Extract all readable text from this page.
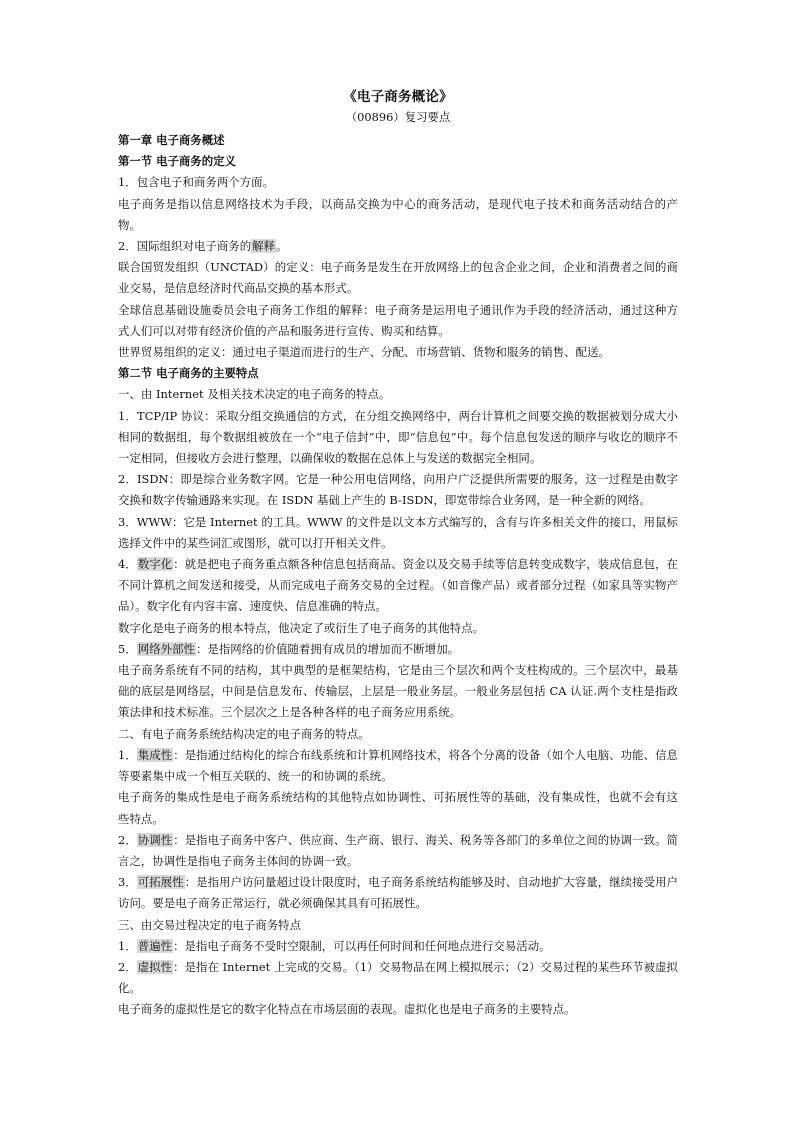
《电子商务概论》
（00896）复习要点
第一章 电子商务概述
第一节 电子商务的定义
1．包含电子和商务两个方面。
电子商务是指以信息网络技术为手段，以商品交换为中心的商务活动，是现代电子技术和商务活动结合的产物。
2．国际组织对电子商务的解释。
联合国贸发组织（UNCTAD）的定义：电子商务是发生在开放网络上的包含企业之间，企业和消费者之间的商业交易，是信息经济时代商品交换的基本形式。
全球信息基础设施委员会电子商务工作组的解释：电子商务是运用电子通讯作为手段的经济活动，通过这种方式人们可以对带有经济价值的产品和服务进行宣传、购买和结算。
世界贸易组织的定义：通过电子渠道而进行的生产、分配、市场营销、货物和服务的销售、配送。
第二节 电子商务的主要特点
一、由 Internet 及相关技术决定的电子商务的特点。
1．TCP/IP 协议：采取分组交换通信的方式，在分组交换网络中，两台计算机之间要交换的数据被划分成大小相同的数据组，每个数据组被放在一个“电子信封”中，即“信息包”中。每个信息包发送的顺序与收讫的顺序不一定相同，但接收方会进行整理，以确保收的数据在总体上与发送的数据完全相同。
2．ISDN：即是综合业务数字网。它是一种公用电信网络，向用户广泛提供所需要的服务，这一过程是由数字交换和数字传输通路来实现。在 ISDN 基础上产生的 B-ISDN，即宽带综合业务网，是一种全新的网络。
3．WWW：它是 Internet 的工具。WWW 的文件是以文本方式编写的，含有与许多相关文件的接口，用鼠标选择文件中的某些词汇或图形，就可以打开相关文件。
4．数字化：就是把电子商务重点额各种信息包括商品、资金以及交易手续等信息转变成数字，装成信息包，在不同计算机之间发送和接受，从而完成电子商务交易的全过程。（如音像产品）或者部分过程（如家具等实物产品）。数字化有内容丰富、速度快、信息准确的特点。
数字化是电子商务的根本特点，他决定了或衍生了电子商务的其他特点。
5．网络外部性：是指网络的价值随着拥有成员的增加而不断增加。
电子商务系统有不同的结构，其中典型的是框架结构，它是由三个层次和两个支柱构成的。三个层次中，最基础的底层是网络层，中间是信息发布、传输层，上层是一般业务层。一般业务层包括 CA 认证.两个支柱是指政策法律和技术标准。三个层次之上是各种各样的电子商务应用系统。
二、有电子商务系统结构决定的电子商务的特点。
1．集成性：是指通过结构化的综合布线系统和计算机网络技术，将各个分离的设备（如个人电脑、功能、信息等要素集中成一个相互关联的、统一的和协调的系统。
电子商务的集成性是电子商务系统结构的其他特点如协调性、可拓展性等的基础，没有集成性，也就不会有这些特点。
2．协调性：是指电子商务中客户、供应商、生产商、银行、海关、税务等各部门的多单位之间的协调一致。简言之，协调性是指电子商务主体间的协调一致。
3．可拓展性：是指用户访问量超过设计限度时，电子商务系统结构能够及时、自动地扩大容量，继续接受用户访问。要是电子商务正常运行，就必须确保其具有可拓展性。
三、由交易过程决定的电子商务特点
1．普遍性：是指电子商务不受时空限制，可以再任何时间和任何地点进行交易活动。
2．虚拟性：是指在 Internet 上完成的交易。（1）交易物品在网上模拟展示；（2）交易过程的某些环节被虚拟化。
电子商务的虚拟性是它的数字化特点在市场层面的表现。虚拟化也是电子商务的主要特点。
